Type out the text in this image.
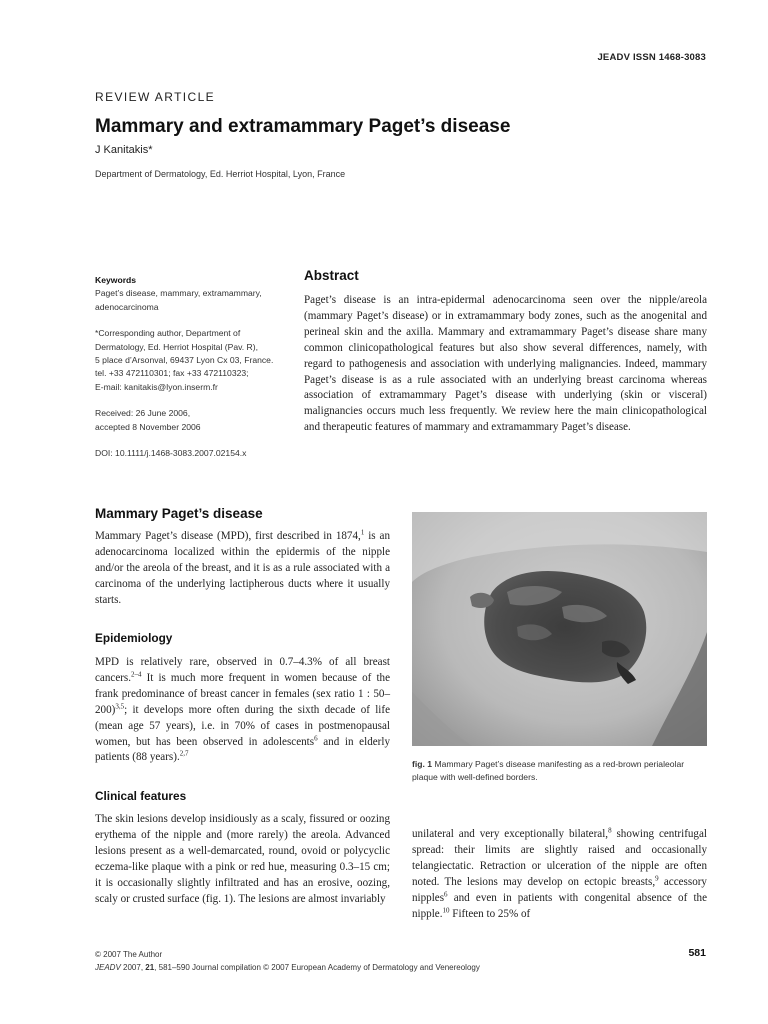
JEADV ISSN 1468-3083
REVIEW ARTICLE
Mammary and extramammary Paget’s disease
J Kanitakis*
Department of Dermatology, Ed. Herriot Hospital, Lyon, France

Keywords

Paget’s disease, mammary, extramammary, adenocarcinoma

*Corresponding author, Department of

Dermatology, Ed. Herriot Hospital (Pav. R),

5 place d’Arsonval, 69437 Lyon Cx 03, France.

tel. +33 472110301; fax +33 472110323;

E-mail: kanitakis@lyon.inserm.fr

Received: 26 June 2006,

accepted 8 November 2006

DOI: 10.1111/j.1468-3083.2007.02154.x

Abstract
Paget’s disease is an intra-epidermal adenocarcinoma seen over the nipple/areola (mammary Paget’s disease) or in extramammary body zones, such as the anogenital and perineal skin and the axilla. Mammary and extramammary Paget’s disease share many common clinicopathological features but also show several differences, namely, with regard to pathogenesis and association with underlying malignancies. Indeed, mammary Paget’s disease is as a rule associated with an underlying breast carcinoma whereas association of extramammary Paget’s disease with underlying (skin or visceral) malignancies occurs much less frequently. We review here the main clinicopathological and therapeutic features of mammary and extramammary Paget’s disease.
Mammary Paget’s disease
Mammary Paget’s disease (MPD), first described in 1874,$^1$ is an adenocarcinoma localized within the epidermis of the nipple and/or the areola of the breast, and it is as a rule associated with a carcinoma of the underlying lactipherous ducts where it usually starts.
Epidemiology
MPD is relatively rare, observed in 0.7–4.3% of all breast cancers.$^{2-4}$ It is much more frequent in women because of the frank predominance of breast cancer in females (sex ratio 1 : 50–200)$^{3,5}$; it develops more often during the sixth decade of life (mean age 57 years), i.e. in 70% of cases in postmenopausal women, but has been observed in adolescents$^6$ and in elderly patients (88 years).$^{2,7}$
Clinical features
The skin lesions develop insidiously as a scaly, fissured or oozing erythema of the nipple and (more rarely) the areola. Advanced lesions present as a well-demarcated, round, ovoid or polycyclic eczema-like plaque with a pink or red hue, measuring 0.3–15 cm; it is occasionally slightly infiltrated and has an erosive, oozing, scaly or crusted surface (fig. 1). The lesions are almost invariably
fig. 1 Mammary Paget’s disease manifesting as a red-brown perialeolar plaque with well-defined borders.
unilateral and very exceptionally bilateral,$^8$ showing centrifugal spread: their limits are slightly raised and occasionally telangiectatic. Retraction or ulceration of the nipple are often noted. The lesions may develop on ectopic breasts,$^9$ accessory nipples$^6$ and even in patients with congenital absence of the nipple.$^{10}$ Fifteen to 25% of
© 2007 The Author
JEADV 2007, 21, 581–590 Journal compilation © 2007 European Academy of Dermatology and Venereology
581
